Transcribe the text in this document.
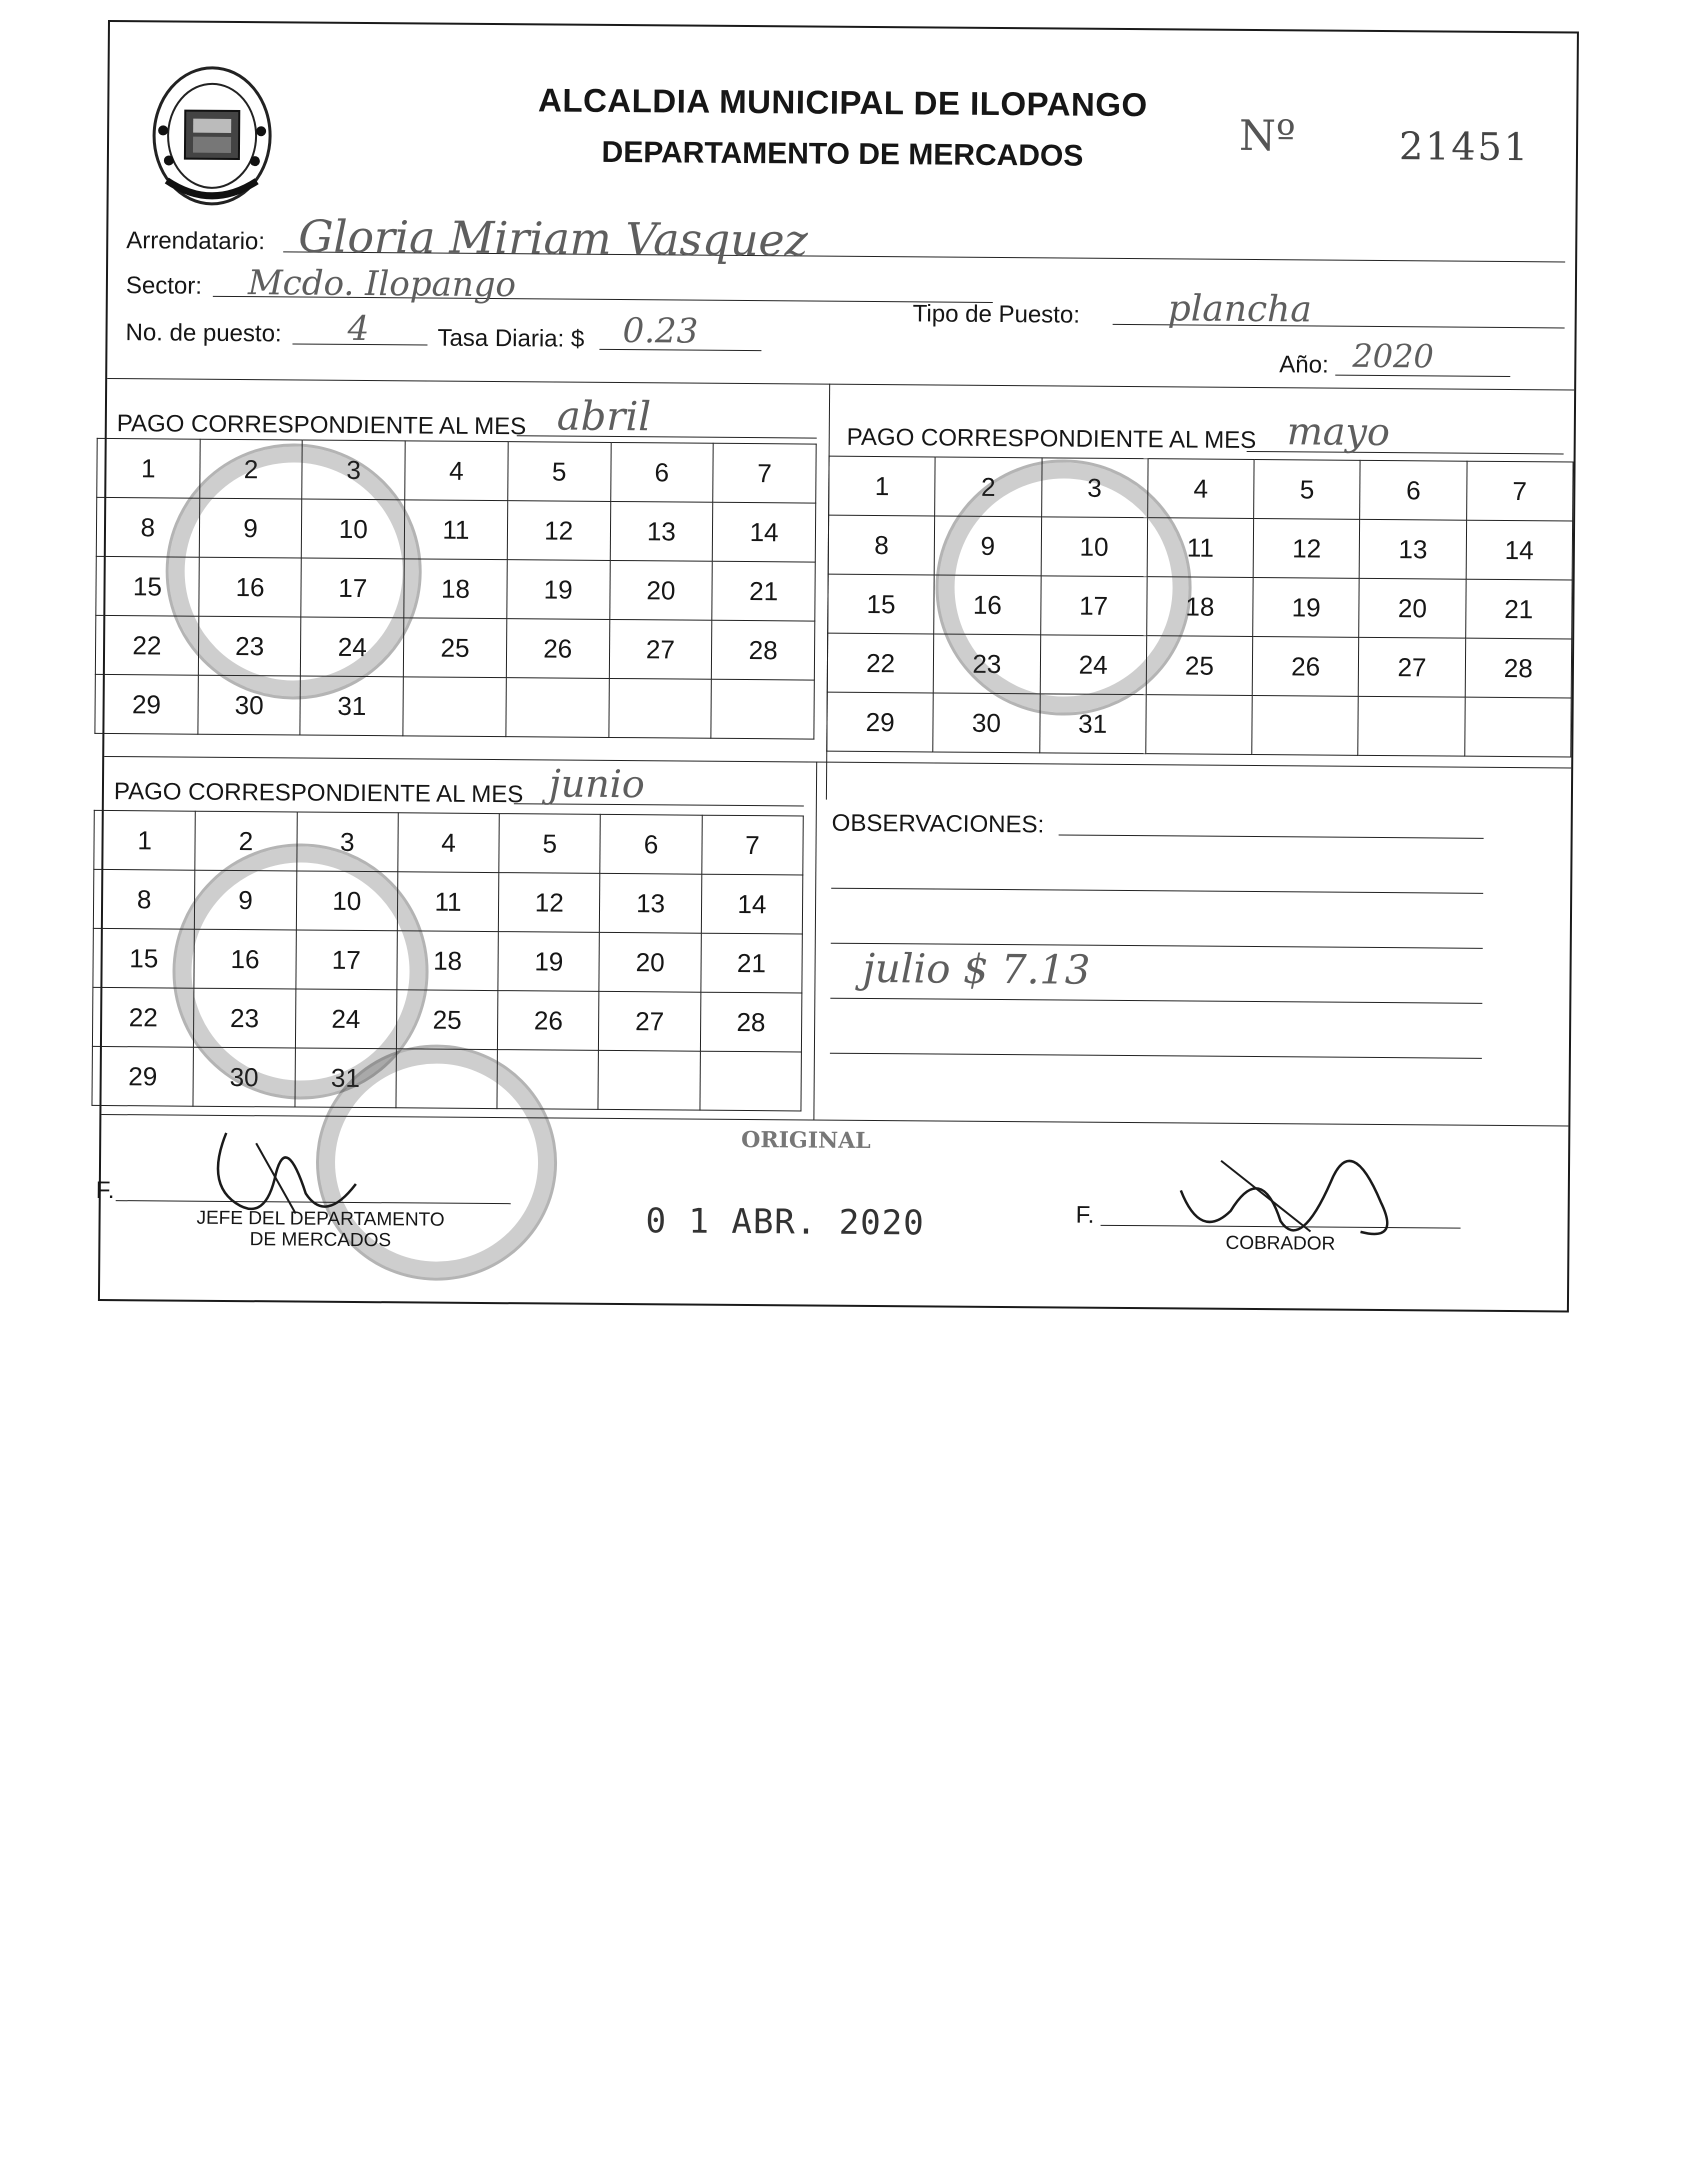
ALCALDIA MUNICIPAL DE ILOPANGO
DEPARTAMENTO DE MERCADOS	Nº	21451
Arrendatario: Gloria Miriam Vasquez
Sector: Mcdo. Ilopango
Tipo de Puesto: plancha
No. de puesto: 4	Tasa Diaria: $ 0.23
Año: 2020
PAGO CORRESPONDIENTE AL MES abril
1	2	3	4	5	6	7
8	9	10	11	12	13	14
15	16	17	18	19	20	21
22	23	24	25	26	27	28
29	30	31				
PAGO CORRESPONDIENTE AL MES mayo
1	2	3	4	5	6	7
8	9	10	11	12	13	14
15	16	17	18	19	20	21
22	23	24	25	26	27	28
29	30	31				
PAGO CORRESPONDIENTE AL MES junio
1	2	3	4	5	6	7
8	9	10	11	12	13	14
15	16	17	18	19	20	21
22	23	24	25	26	27	28
29	30	31				
OBSERVACIONES:
julio $ 7.13
ORIGINAL
F.
JEFE DEL DEPARTAMENTO
DE MERCADOS	0 1 ABR. 2020	F.
COBRADOR
